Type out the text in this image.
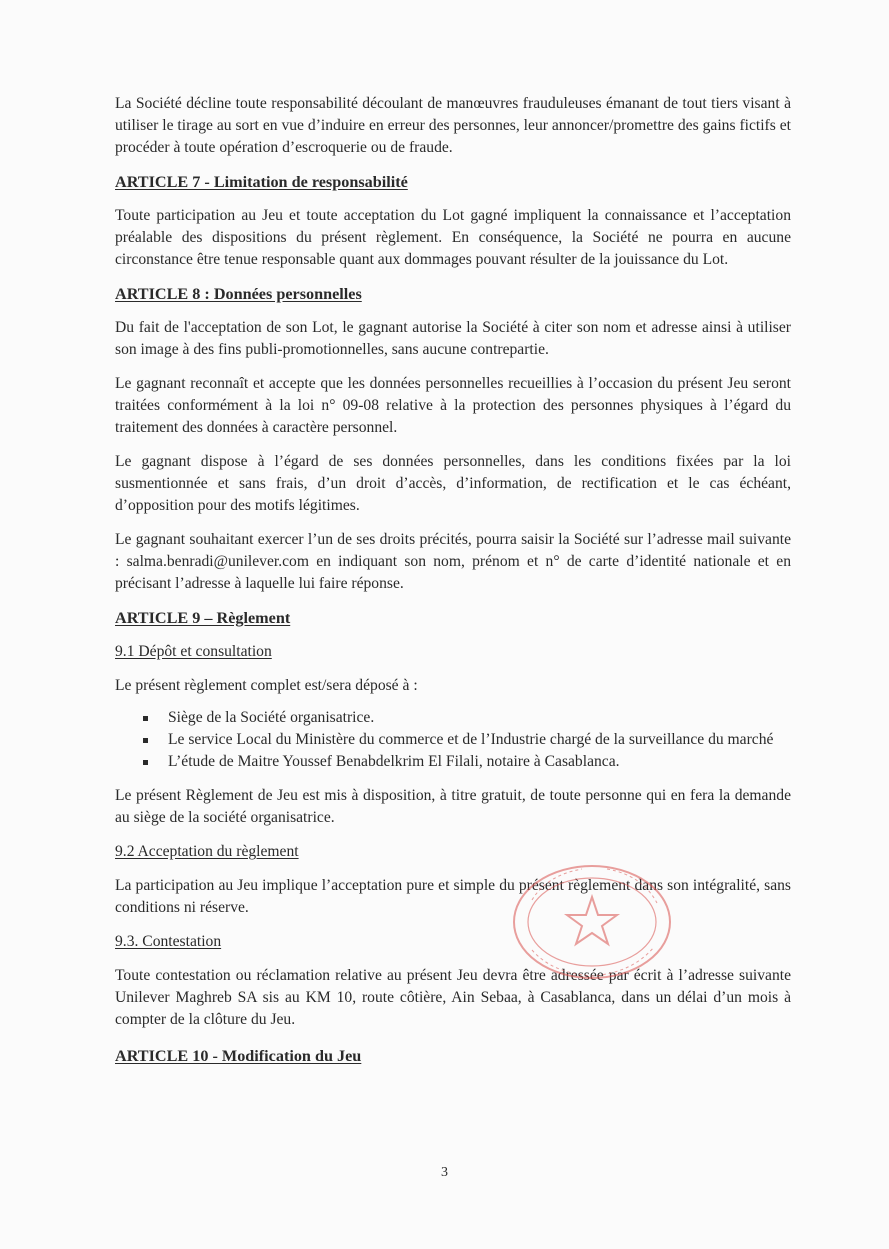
La Société décline toute responsabilité découlant de manœuvres frauduleuses émanant de tout tiers visant à utiliser le tirage au sort en vue d’induire en erreur des personnes, leur annoncer/promettre des gains fictifs et procéder à toute opération d’escroquerie ou de fraude.

ARTICLE 7 - Limitation de responsabilité

Toute participation au Jeu et toute acceptation du Lot gagné impliquent la connaissance et l’acceptation préalable des dispositions du présent règlement. En conséquence, la Société ne pourra en aucune circonstance être tenue responsable quant aux dommages pouvant résulter de la jouissance du Lot.

ARTICLE 8 : Données personnelles

Du fait de l'acceptation de son Lot, le gagnant autorise la Société à citer son nom et adresse ainsi à utiliser son image à des fins publi-promotionnelles, sans aucune contrepartie.

Le gagnant reconnaît et accepte que les données personnelles recueillies à l’occasion du présent Jeu seront traitées conformément à la loi n° 09-08 relative à la protection des personnes physiques à l’égard du traitement des données à caractère personnel.

Le gagnant dispose à l’égard de ses données personnelles, dans les conditions fixées par la loi susmentionnée et sans frais, d’un droit d’accès, d’information, de rectification et le cas échéant, d’opposition pour des motifs légitimes.

Le gagnant souhaitant exercer l’un de ses droits précités, pourra saisir la Société sur l’adresse mail suivante : salma.benradi@unilever.com en indiquant son nom, prénom et n° de carte d’identité nationale et en précisant l’adresse à laquelle lui faire réponse.

ARTICLE 9 – Règlement
9.1 Dépôt et consultation

Le présent règlement complet est/sera déposé à :

Siège de la Société organisatrice.
Le service Local du Ministère du commerce et de l’Industrie chargé de la surveillance du marché
L’étude de Maitre Youssef Benabdelkrim El Filali, notaire à Casablanca.

Le présent Règlement de Jeu est mis à disposition, à titre gratuit, de toute personne qui en fera la demande au siège de la société organisatrice.

9.2 Acceptation du règlement

La participation au Jeu implique l’acceptation pure et simple du présent règlement dans son intégralité, sans conditions ni réserve.

9.3. Contestation

Toute contestation ou réclamation relative au présent Jeu devra être adressée par écrit à l’adresse suivante Unilever Maghreb SA sis au KM 10, route côtière, Ain Sebaa, à Casablanca, dans un délai d’un mois à compter de la clôture du Jeu.

ARTICLE 10 - Modification du Jeu
3
